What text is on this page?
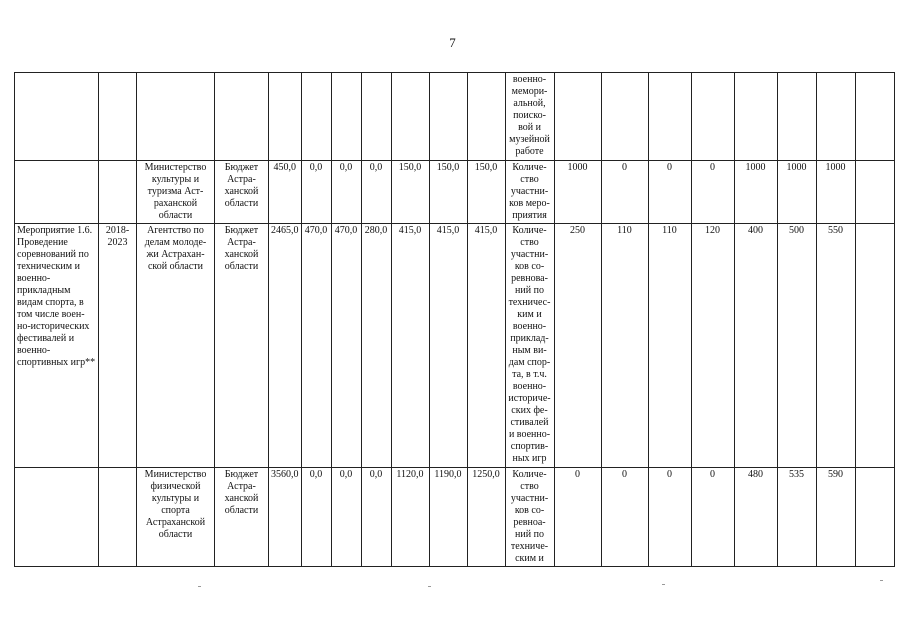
7
											военно-мемори-альной, поиско-вой и музейной работе								
		Министерство культуры и туризма Аст-раханской области	Бюджет Астра-ханской области	450,0	0,0	0,0	0,0	150,0	150,0	150,0	Количе-ство участни-ков меро-приятия	1000	0	0	0	1000	1000	1000	
Мероприятие 1.6. Проведение соревнований по техническим и военно-прикладным видам спорта, в том числе воен-но-исторических фестивалей и военно-спортивных игр**	2018-2023	Агентство по делам молоде-жи Астрахан-ской области	Бюджет Астра-ханской области	2465,0	470,0	470,0	280,0	415,0	415,0	415,0	Количе-ство участни-ков со-ревнова-ний по техничес-ким и военно-приклад-ным ви-дам спор-та, в т.ч. военно-историче-ских фе-стивалей и военно-спортив-ных игр	250	110	110	120	400	500	550	
		Министерство физической культуры и спорта Астраханской области	Бюджет Астра-ханской области	3560,0	0,0	0,0	0,0	1120,0	1190,0	1250,0	Количе-ство участни-ков со-ревноа-ний по техниче-ским и	0	0	0	0	480	535	590	
